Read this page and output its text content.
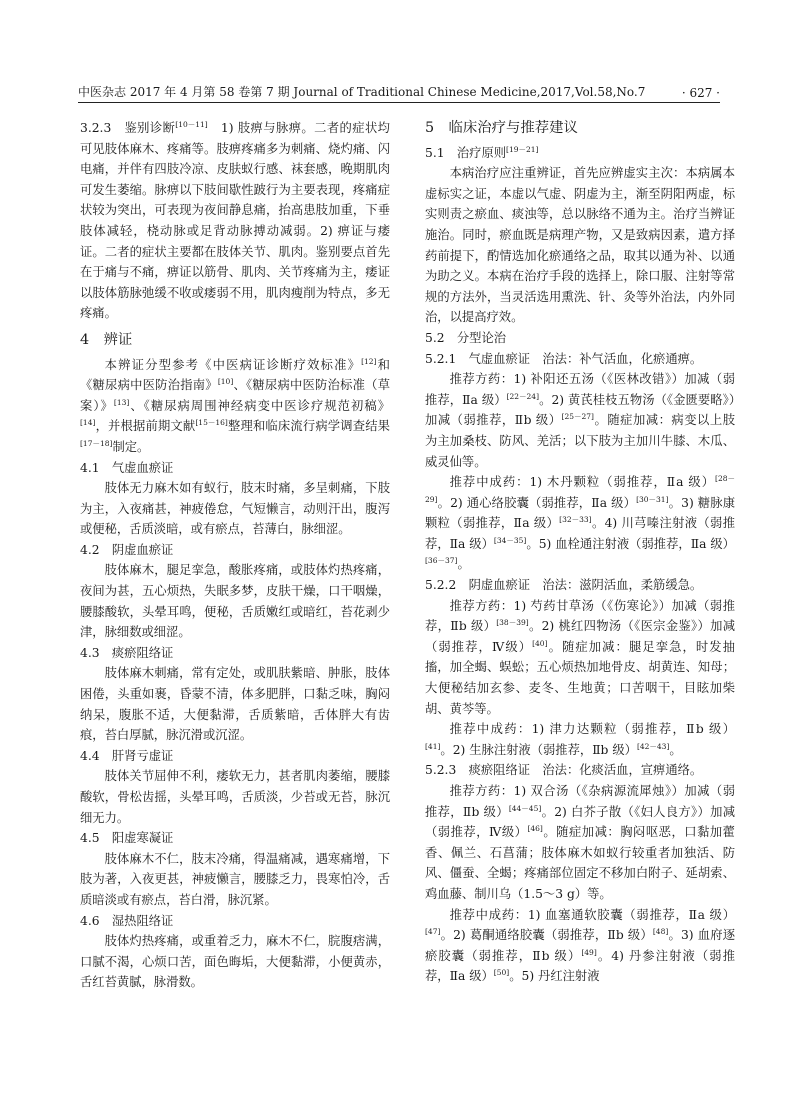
中医杂志 2017 年 4 月第 58 卷第 7 期 Journal of Traditional Chinese Medicine,2017,Vol.58,No.7	· 627 ·

3.2.3　 鉴别诊断[10－11]　 1) 肢痹与脉痹。二者的症状均可见肢体麻木、疼痛等。肢痹疼痛多为刺痛、烧灼痛、闪电痛，并伴有四肢冷凉、皮肤蚁行感、袜套感，晚期肌肉可发生萎缩。脉痹以下肢间歇性跛行为主要表现，疼痛症状较为突出，可表现为夜间静息痛，抬高患肢加重，下垂肢体减轻，桡动脉或足背动脉搏动减弱。2) 痹证与痿证。二者的症状主要都在肢体关节、肌肉。鉴别要点首先在于痛与不痛，痹证以筋骨、肌肉、关节疼痛为主，痿证以肢体筋脉弛缓不收或痿弱不用，肌肉瘦削为特点，多无疼痛。

4　辨证

本辨证分型参考《中医病证诊断疗效标准》[12]和《糖尿病中医防治指南》[10]、《糖尿病中医防治标准（草案）》[13]、《糖尿病周围神经病变中医诊疗规范初稿》[14]，并根据前期文献[15－16]整理和临床流行病学调查结果[17－18]制定。

4.1　气虚血瘀证

肢体无力麻木如有蚁行，肢末时痛，多呈刺痛，下肢为主，入夜痛甚，神疲倦怠，气短懒言，动则汗出，腹泻或便秘，舌质淡暗，或有瘀点，苔薄白，脉细涩。

4.2　阴虚血瘀证

肢体麻木，腿足挛急，酸胀疼痛，或肢体灼热疼痛，夜间为甚，五心烦热，失眠多梦，皮肤干燥，口干咽燥，腰膝酸软，头晕耳鸣，便秘，舌质嫩红或暗红，苔花剥少津，脉细数或细涩。

4.3　痰瘀阻络证

肢体麻木刺痛，常有定处，或肌肤紫暗、肿胀，肢体困倦，头重如裹，昏蒙不清，体多肥胖，口黏乏味，胸闷纳呆，腹胀不适，大便黏滞，舌质紫暗，舌体胖大有齿痕，苔白厚腻，脉沉滑或沉涩。

4.4　肝肾亏虚证

肢体关节屈伸不利，痿软无力，甚者肌肉萎缩，腰膝酸软，骨松齿摇，头晕耳鸣，舌质淡，少苔或无苔，脉沉细无力。

4.5　阳虚寒凝证

肢体麻木不仁，肢末冷痛，得温痛减，遇寒痛增，下肢为著，入夜更甚，神疲懒言，腰膝乏力，畏寒怕冷，舌质暗淡或有瘀点，苔白滑，脉沉紧。

4.6　湿热阻络证

肢体灼热疼痛，或重着乏力，麻木不仁，脘腹痞满，口腻不渴，心烦口苦，面色晦垢，大便黏滞，小便黄赤，舌红苔黄腻，脉滑数。

5　临床治疗与推荐建议
5.1　治疗原则[19－21]

本病治疗应注重辨证，首先应辨虚实主次：本病属本虚标实之证，本虚以气虚、阴虚为主，渐至阴阳两虚，标实则责之瘀血、痰浊等，总以脉络不通为主。治疗当辨证施治。同时，瘀血既是病理产物，又是致病因素，遣方择药前提下，酌情选加化瘀通络之品，取其以通为补、以通为助之义。本病在治疗手段的选择上，除口服、注射等常规的方法外，当灵活选用熏洗、针、灸等外治法，内外同治，以提高疗效。

5.2　分型论治
5.2.1　气虚血瘀证　治法：补气活血，化瘀通痹。

推荐方药：1) 补阳还五汤（《医林改错》）加减（弱推荐，Ⅱa 级）[22－24]。2) 黄芪桂枝五物汤（《金匮要略》）加减（弱推荐，Ⅱb 级）[25－27]。随症加减：病变以上肢为主加桑枝、防风、羌活；以下肢为主加川牛膝、木瓜、威灵仙等。

推荐中成药：1) 木丹颗粒（弱推荐，Ⅱa 级）[28－29]。2) 通心络胶囊（弱推荐，Ⅱa 级）[30－31]。3) 糖脉康颗粒（弱推荐，Ⅱa 级）[32－33]。4) 川芎嗪注射液（弱推荐，Ⅱa 级）[34－35]。5) 血栓通注射液（弱推荐，Ⅱa 级）[36－37]。

5.2.2　阴虚血瘀证　治法：滋阴活血，柔筋缓急。

推荐方药：1) 芍药甘草汤（《伤寒论》）加减（弱推荐，Ⅱb 级）[38－39]。2) 桃红四物汤（《医宗金鉴》）加减（弱推荐，Ⅳ级）[40]。随症加减：腿足挛急，时发抽搐，加全蝎、蜈蚣；五心烦热加地骨皮、胡黄连、知母；大便秘结加玄参、麦冬、生地黄；口苦咽干，目眩加柴胡、黄芩等。

推荐中成药：1) 津力达颗粒（弱推荐，Ⅱb 级）[41]。2) 生脉注射液（弱推荐，Ⅱb 级）[42－43]。

5.2.3　痰瘀阻络证　治法：化痰活血，宣痹通络。

推荐方药：1) 双合汤（《杂病源流犀烛》）加减（弱推荐，Ⅱb 级）[44－45]。2) 白芥子散（《妇人良方》）加减（弱推荐，Ⅳ级）[46]。随症加减：胸闷呕恶，口黏加藿香、佩兰、石菖蒲；肢体麻木如蚁行较重者加独活、防风、僵蚕、全蝎；疼痛部位固定不移加白附子、延胡索、鸡血藤、制川乌（1.5～3 g）等。

推荐中成药：1) 血塞通软胶囊（弱推荐，Ⅱa 级）[47]。2) 葛酮通络胶囊（弱推荐，Ⅱb 级）[48]。3) 血府逐瘀胶囊（弱推荐，Ⅱb 级）[49]。4) 丹参注射液（弱推荐，Ⅱa 级）[50]。5) 丹红注射液
